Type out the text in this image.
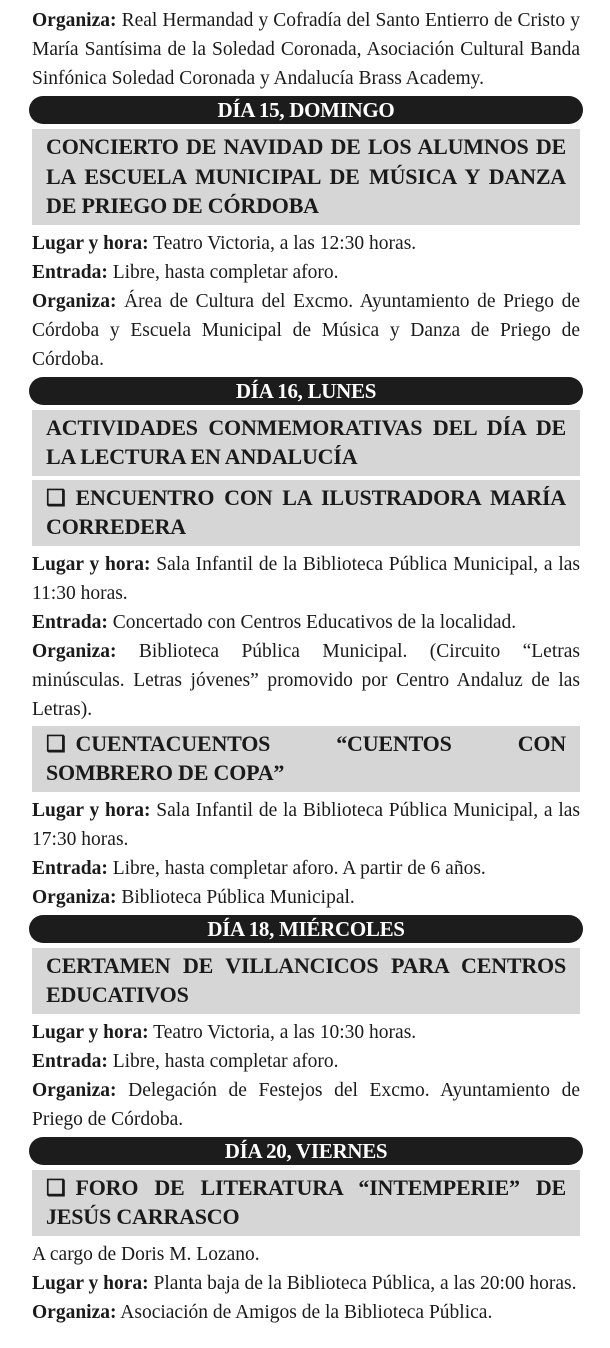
Organiza: Real Hermandad y Cofradía del Santo Entierro de Cristo y María Santísima de la Soledad Coronada, Asociación Cultural Banda Sinfónica Soledad Coronada y Andalucía Brass Academy.

DÍA 15, DOMINGO
CONCIERTO DE NAVIDAD DE LOS ALUMNOS DE LA ESCUELA MUNICIPAL DE MÚSICA Y DANZA DE PRIEGO DE CÓRDOBA

Lugar y hora: Teatro Victoria, a las 12:30 horas.

Entrada: Libre, hasta completar aforo.

Organiza: Área de Cultura del Excmo. Ayuntamiento de Priego de Córdoba y Escuela Municipal de Música y Danza de Priego de Córdoba.

DÍA 16, LUNES
ACTIVIDADES CONMEMORATIVAS DEL DÍA DE LA LECTURA EN ANDALUCÍA
❑ ENCUENTRO CON LA ILUSTRADORA MARÍA CORREDERA

Lugar y hora: Sala Infantil de la Biblioteca Pública Municipal, a las 11:30 horas.

Entrada: Concertado con Centros Educativos de la localidad.

Organiza: Biblioteca Pública Municipal. (Circuito “Letras minúsculas. Letras jóvenes” promovido por Centro Andaluz de las Letras).

❑ CUENTACUENTOS “CUENTOS CON SOMBRERO DE COPA”

Lugar y hora: Sala Infantil de la Biblioteca Pública Municipal, a las 17:30 horas.

Entrada: Libre, hasta completar aforo. A partir de 6 años.

Organiza: Biblioteca Pública Municipal.

DÍA 18, MIÉRCOLES
CERTAMEN DE VILLANCICOS PARA CENTROS EDUCATIVOS

Lugar y hora: Teatro Victoria, a las 10:30 horas.

Entrada: Libre, hasta completar aforo.

Organiza: Delegación de Festejos del Excmo. Ayuntamiento de Priego de Córdoba.

DÍA 20, VIERNES
❑ FORO DE LITERATURA “INTEMPERIE” DE JESÚS CARRASCO

A cargo de Doris M. Lozano.

Lugar y hora: Planta baja de la Biblioteca Pública, a las 20:00 horas.

Organiza: Asociación de Amigos de la Biblioteca Pública.
